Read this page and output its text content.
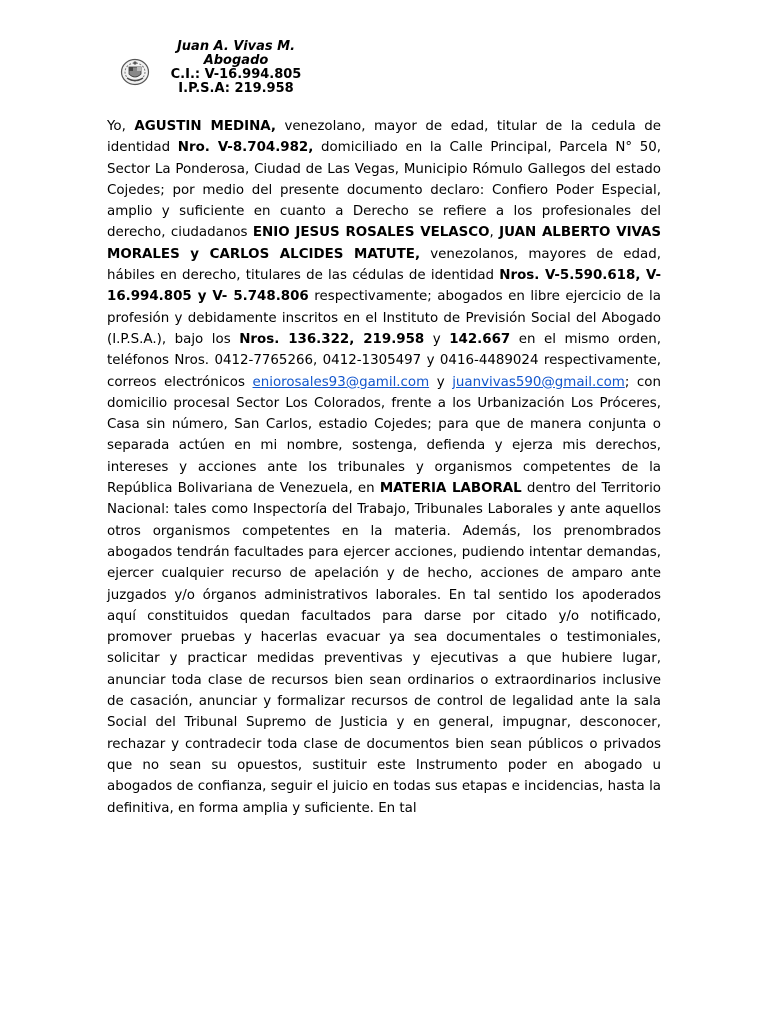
Juan A. Vivas M.
Abogado
C.I.: V-16.994.805
I.P.S.A: 219.958

Yo, AGUSTIN MEDINA, venezolano, mayor de edad, titular de la cedula de identidad Nro. V-8.704.982, domiciliado en la Calle Principal, Parcela N° 50, Sector La Ponderosa, Ciudad de Las Vegas, Municipio Rómulo Gallegos del estado Cojedes; por medio del presente documento declaro: Confiero Poder Especial, amplio y suficiente en cuanto a Derecho se refiere a los profesionales del derecho, ciudadanos ENIO JESUS ROSALES VELASCO, JUAN ALBERTO VIVAS MORALES y CARLOS ALCIDES MATUTE, venezolanos, mayores de edad, hábiles en derecho, titulares de las cédulas de identidad Nros. V-5.590.618, V-16.994.805 y V- 5.748.806 respectivamente; abogados en libre ejercicio de la profesión y debidamente inscritos en el Instituto de Previsión Social del Abogado (I.P.S.A.), bajo los Nros. 136.322, 219.958 y 142.667 en el mismo orden, teléfonos Nros. 0412-7765266, 0412-1305497 y 0416-4489024 respectivamente, correos electrónicos eniorosales93@gamil.com y juanvivas590@gmail.com; con domicilio procesal Sector Los Colorados, frente a los Urbanización Los Próceres, Casa sin número, San Carlos, estadio Cojedes; para que de manera conjunta o separada actúen en mi nombre, sostenga, defienda y ejerza mis derechos, intereses y acciones ante los tribunales y organismos competentes de la República Bolivariana de Venezuela, en MATERIA LABORAL dentro del Territorio Nacional: tales como Inspectoría del Trabajo, Tribunales Laborales y ante aquellos otros organismos competentes en la materia. Además, los prenombrados abogados tendrán facultades para ejercer acciones, pudiendo intentar demandas, ejercer cualquier recurso de apelación y de hecho, acciones de amparo ante juzgados y/o órganos administrativos laborales. En tal sentido los apoderados aquí constituidos quedan facultados para darse por citado y/o notificado, promover pruebas y hacerlas evacuar ya sea documentales o testimoniales, solicitar y practicar medidas preventivas y ejecutivas a que hubiere lugar, anunciar toda clase de recursos bien sean ordinarios o extraordinarios inclusive de casación, anunciar y formalizar recursos de control de legalidad ante la sala Social del Tribunal Supremo de Justicia y en general, impugnar, desconocer, rechazar y contradecir toda clase de documentos bien sean públicos o privados que no sean su opuestos, sustituir este Instrumento poder en abogado u abogados de confianza, seguir el juicio en todas sus etapas e incidencias, hasta la definitiva, en forma amplia y suficiente. En tal
